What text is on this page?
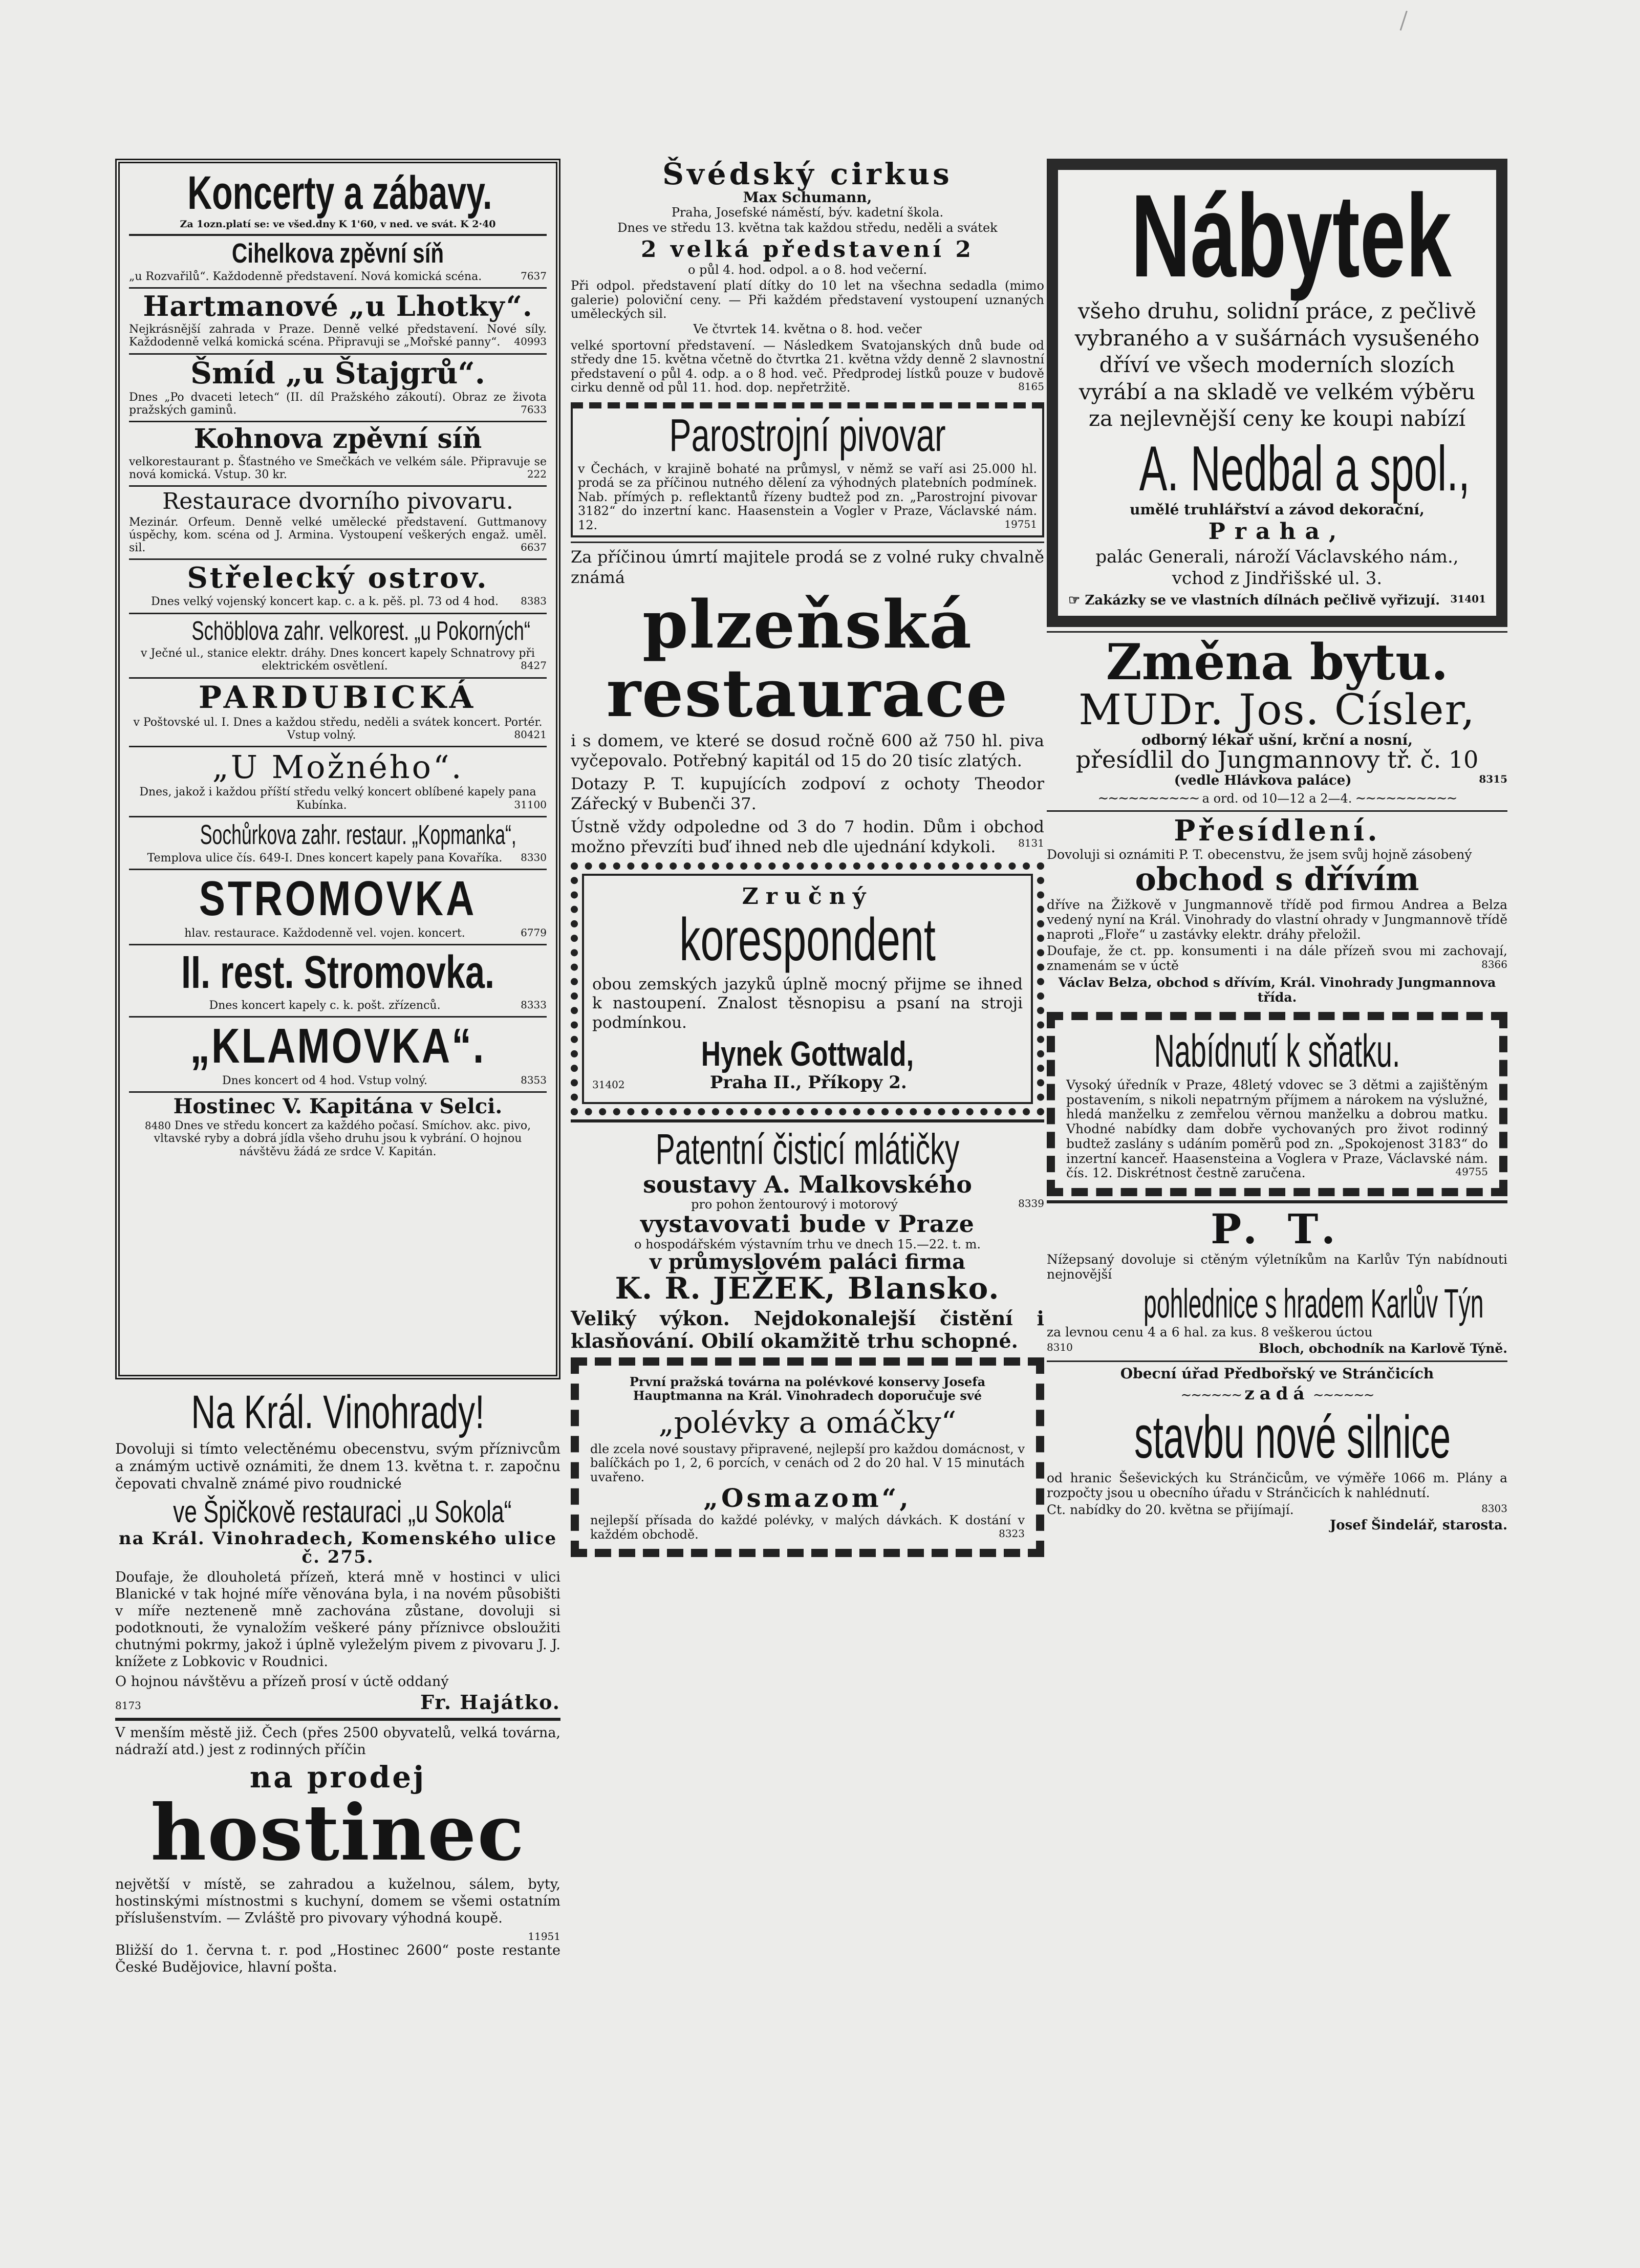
Koncerty a zábavy.
Za 1ozn.platí se: ve všed.dny K 1'60, v ned. ve svát. K 2·40
Cihelkova zpěvní síň
„u Rozvařilů“. Každodenně představení. Nová komická scéna.	7637
Hartmanové „u Lhotky“.
Nejkrásnější zahrada v Praze. Denně velké představení. Nové síly. Každodenně velká komická scéna. Připravuji se „Mořské panny“. 40993
Šmíd „u Štajgrů“.
Dnes „Po dvaceti letech“ (II. díl Pražského zákoutí). Obraz ze života pražských gaminů.	7633
Kohnova zpěvní síň
velkorestaurant p. Šťastného ve Smečkách ve velkém sále. Připravuje se nová komická. Vstup. 30 kr.	222
Restaurace dvorního pivovaru.
Mezinár. Orfeum. Denně velké umělecké představení. Guttmanovy úspěchy, kom. scéna od J. Armina. Vystoupení veškerých engaž. uměl. sil.	6637
Střelecký ostrov.
Dnes velký vojenský koncert kap. c. a k. pěš. pl. 73 od 4 hod. 8383
Schöblova zahr. velkorest. „u Pokorných“
v Ječné ul., stanice elektr. dráhy. Dnes koncert kapely Schnatrovy při elektrickém osvětlení.	8427
PARDUBICKÁ
v Poštovské ul. I. Dnes a každou středu, neděli a svátek koncert. Portér. Vstup volný.	80421
„U Možného“.
Dnes, jakož i každou příští středu velký koncert oblíbené kapely pana Kubínka.	31100
Sochůrkova zahr. restaur. „Kopmanka“,
Templova ulice čís. 649-I. Dnes koncert kapely pana Kovaříka. 8330
STROMOVKA
hlav. restaurace. Každodenně vel. vojen. koncert.	6779
II. rest. Stromovka.
Dnes koncert kapely c. k. pošt. zřízenců.	8333
„KLAMOVKA“.
Dnes koncert od 4 hod. Vstup volný.	8353
Hostinec V. Kapitána v Selci.
8480 Dnes ve středu koncert za každého počasí. Smíchov. akc. pivo, vltavské ryby a dobrá jídla všeho druhu jsou k vybrání. O hojnou návštěvu žádá ze srdce V. Kapitán.
Na Král. Vinohrady!

Dovoluji si tímto velectěnému obecenstvu, svým příznivcům a známým uctivě oznámiti, že dnem 13. května t. r. započnu čepovati chvalně známé pivo roudnické

ve Špičkově restauraci „u Sokola“
na Král. Vinohradech, Komenského ulice č. 275.

Doufaje, že dlouholetá přízeň, která mně v hostinci v ulici Blanické v tak hojné míře věnována byla, i na novém působišti v míře nezteneně mně zachována zůstane, dovoluji si podotknouti, že vynaložím veškeré pány příznivce obsloužiti chutnými pokrmy, jakož i úplně vyleželým pivem z pivovaru J. J. knížete z Lobkovic v Roudnici.

O hojnou návštěvu a přízeň prosí v úctě oddaný

8173	Fr. Hajátko.

V menším městě již. Čech (přes 2500 obyvatelů, velká továrna, nádraží atd.) jest z rodinných příčin

na prodej
hostinec

největší v místě, se zahradou a kuželnou, sálem, byty, hostinskými místnostmi s kuchyní, domem se všemi ostatním příslušenstvím. — Zvláště pro pivovary výhodná koupě.

11951

Bližší do 1. června t. r. pod „Hostinec 2600“ poste restante České Budějovice, hlavní pošta.

Švédský cirkus
Max Schumann,
Praha, Josefské náměstí, býv. kadetní škola.
Dnes ve středu 13. května tak každou středu, neděli a svátek
2 velká představení 2
o půl 4. hod. odpol. a o 8. hod večerní.

Při odpol. představení platí dítky do 10 let na všechna sedadla (mimo galerie) poloviční ceny. — Při každém představení vystoupení uznaných uměleckých sil.

Ve čtvrtek 14. května o 8. hod. večer

velké sportovní představení. — Následkem Svatojanských dnů bude od středy dne 15. května včetně do čtvrtka 21. května vždy denně 2 slavnostní představení o půl 4. odp. a o 8 hod. več. Předprodej lístků pouze v budově cirku denně od půl 11. hod. dop. nepřetržitě.	8165

Parostrojní pivovar

v Čechách, v krajině bohaté na průmysl, v němž se vaří asi 25.000 hl. prodá se za příčinou nutného dělení za výhodných platebních podmínek. Nab. přímých p. reflektantů řízeny budtež pod zn. „Parostrojní pivovar 3182“ do inzertní kanc. Haasenstein a Vogler v Praze, Václavské nám. 12.	19751

Za příčinou úmrtí majitele prodá se z volné ruky chvalně známá

plzeňská
restaurace

i s domem, ve které se dosud ročně 600 až 750 hl. piva vyčepovalo. Potřebný kapitál od 15 do 20 tisíc zlatých.

Dotazy P. T. kupujících zodpoví z ochoty Theodor Zářecký v Bubenči 37.

Ústně vždy odpoledne od 3 do 7 hodin. Dům i obchod možno převzíti buď ihned neb dle ujednání kdykoli. 8131

Zručný
korespondent

obou zemských jazyků úplně mocný přijme se ihned k nastoupení. Znalost těsnopisu a psaní na stroji podmínkou.

Hynek Gottwald,
31402	Praha II., Příkopy 2.
Patentní čisticí mlátičky
soustavy A. Malkovského
pro pohon žentourový i motorový	8339
vystavovati bude v Praze
o hospodářském výstavním trhu ve dnech 15.—22. t. m.
v průmyslovém paláci firma
K. R. JEŽEK, Blansko.

Veliký výkon. Nejdokonalejší čistění i klasňování. Obilí okamžitě trhu schopné.

První pražská továrna na polévkové konservy Josefa Hauptmanna na Král. Vinohradech doporučuje své

„polévky a omáčky“

dle zcela nové soustavy připravené, nejlepší pro každou domácnost, v balíčkách po 1, 2, 6 porcích, v cenách od 2 do 20 hal. V 15 minutách uvařeno.

„Osmazom“,

nejlepší přísada do každé polévky, v malých dávkách. K dostání v každém obchodě.	8323

Nábytek

všeho druhu, solidní práce, z pečlivě vybraného a v sušárnách vysušeného dříví ve všech moderních slozích vyrábí a na skladě ve velkém výběru za nejlevnější ceny ke koupi nabízí

A. Nedbal a spol.,
umělé truhlářství a závod dekorační,
Praha,

palác Generali, nároží Václavského nám., vchod z Jindřišské ul. 3.

☞ Zakázky se ve vlastních dílnách pečlivě vyřizují. 31401

Změna bytu.
MUDr. Jos. Císler,
odborný lékař ušní, krční a nosní,
přesídlil do Jungmannovy tř. č. 10
(vedle Hlávkova paláce)	8315
∼∼∼∼∼∼∼∼∼∼ a ord. od 10—12 a 2—4. ∼∼∼∼∼∼∼∼∼∼
Přesídlení.

Dovoluji si oznámiti P. T. obecenstvu, že jsem svůj hojně zásobený

obchod s dřívím

dříve na Žižkově v Jungmannově třídě pod firmou Andrea a Belza vedený nyní na Král. Vinohrady do vlastní ohrady v Jungmannově třídě naproti „Floře“ u zastávky elektr. dráhy přeložil.

Doufaje, že ct. pp. konsumenti i na dále přízeň svou mi zachovají, znamenám se v úctě	8366

Václav Belza, obchod s dřívím, Král. Vinohrady Jungmannova třída.

Nabídnutí k sňatku.

Vysoký úředník v Praze, 48letý vdovec se 3 dětmi a zajištěným postavením, s nikoli nepatrným příjmem a nárokem na výslužné, hledá manželku z zemřelou věrnou manželku a dobrou matku. Vhodné nabídky dam dobře vychovaných pro život rodinný budtež zaslány s udáním poměrů pod zn. „Spokojenost 3183“ do inzertní kanceř. Haasensteina a Voglera v Praze, Václavské nám. čís. 12. Diskrétnost čestně zaručena.	49755

P. T.

Nížepsaný dovoluje si ctěným výletníkům na Karlův Týn nabídnouti nejnovější

pohlednice s hradem Karlův Týn

za levnou cenu 4 a 6 hal. za kus. 8 veškerou úctou

8310	Bloch, obchodník na Karlově Týně.
Obecní úřad Předbořský ve Stránčicích
∼∼∼∼∼∼ zadá ∼∼∼∼∼∼
stavbu nové silnice

od hranic Šeševických ku Stránčicům, ve výměře 1066 m. Plány a rozpočty jsou u obecního úřadu v Stránčicích k nahlédnutí.

Ct. nabídky do 20. května se přijímají.	8303

Josef Šindelář, starosta.
